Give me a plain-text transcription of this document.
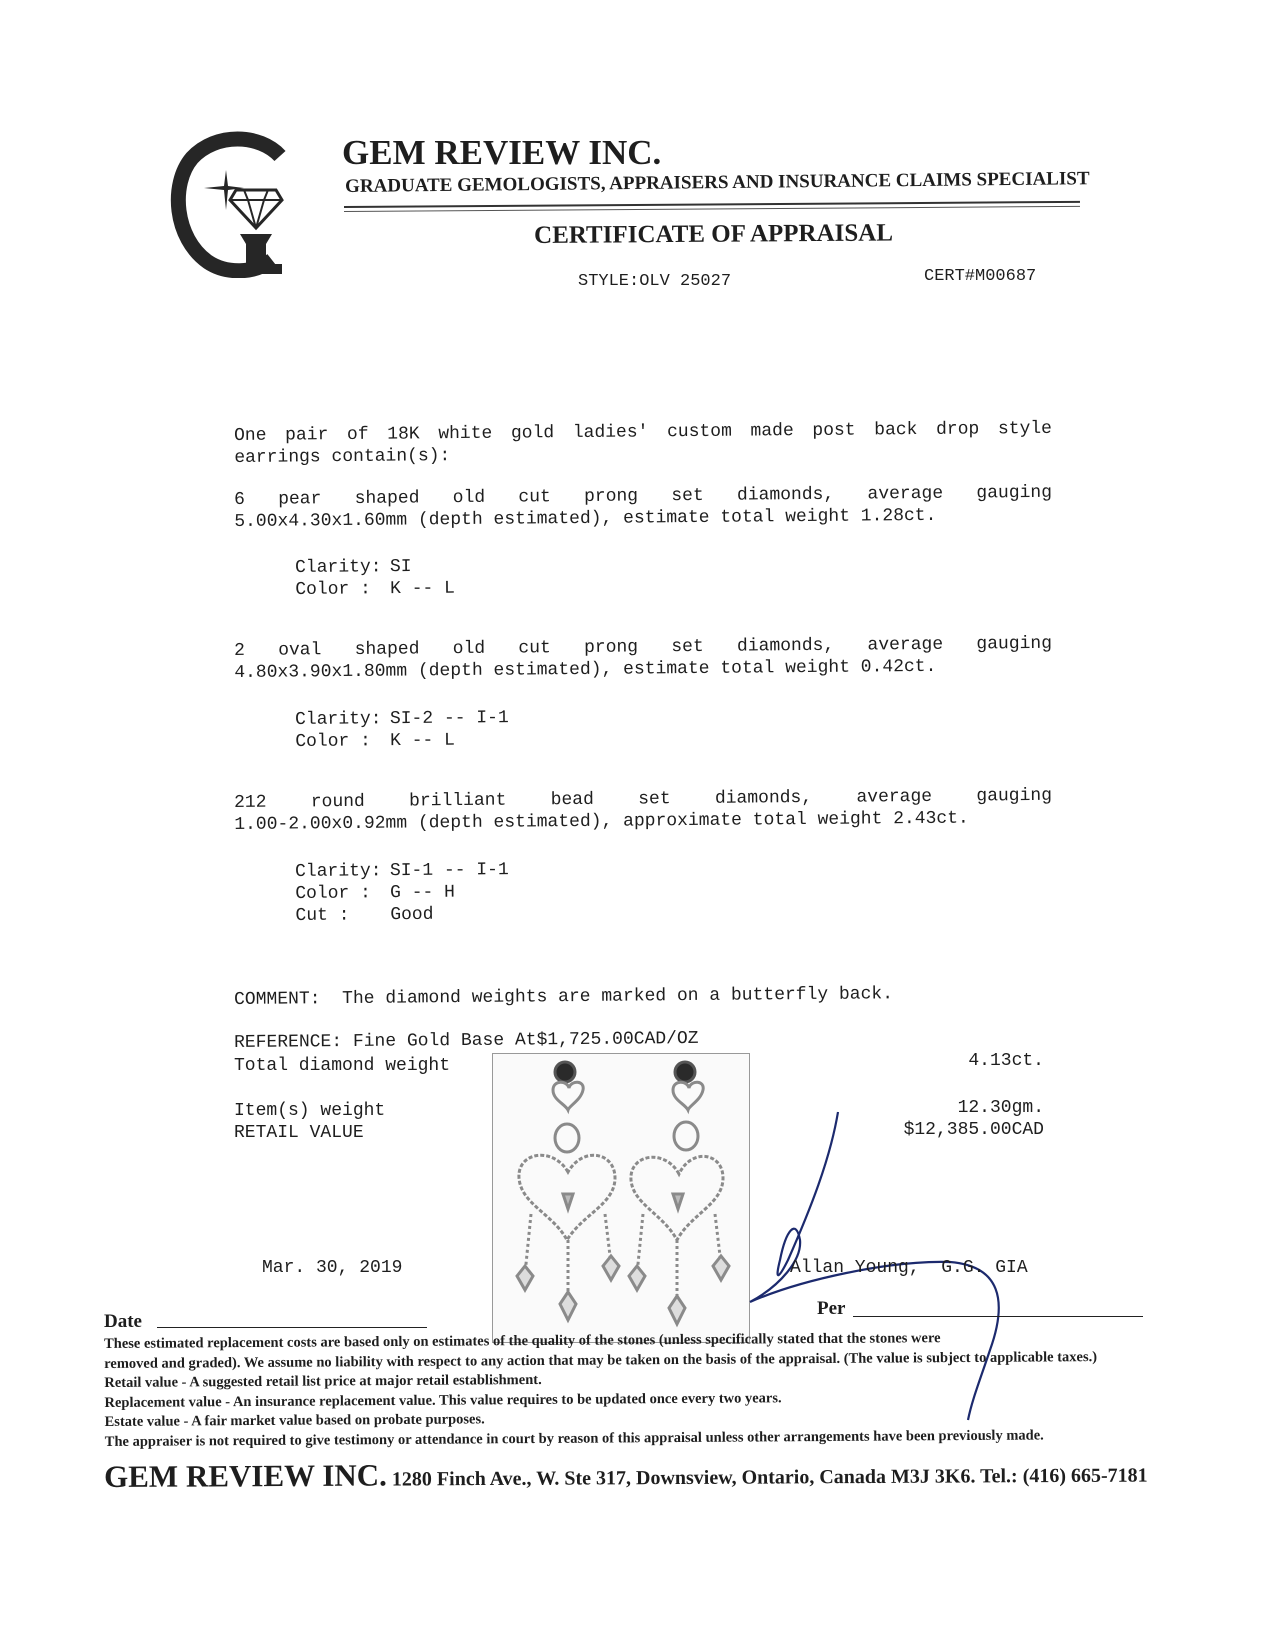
GEM REVIEW INC.
GRADUATE GEMOLOGISTS, APPRAISERS AND INSURANCE CLAIMS SPECIALIST
CERTIFICATE OF APPRAISAL
STYLE:OLV 25027	CERT#M00687
One pair of 18K white gold ladies' custom made post back drop style
earrings contain(s):
6 pear shaped old cut prong set diamonds, average gauging
5.00x4.30x1.60mm (depth estimated), estimate total weight 1.28ct.
Clarity: SI
Color : K -- L
2 oval shaped old cut prong set diamonds, average gauging
4.80x3.90x1.80mm (depth estimated), estimate total weight 0.42ct.
Clarity: SI-2 -- I-1
Color : K -- L
212 round brilliant bead set diamonds, average gauging
1.00-2.00x0.92mm (depth estimated), approximate total weight 2.43ct.
Clarity: SI-1 -- I-1
Color : G -- H
Cut : Good
COMMENT:  The diamond weights are marked on a butterfly back.
REFERENCE: Fine Gold Base At$1,725.00CAD/OZ
Total diamond weight	4.13ct.
Item(s) weight	12.30gm.
RETAIL VALUE	$12,385.00CAD
Mar. 30, 2019	Allan Young,  G.G. GIA
Date
Per
These estimated replacement costs are based only on estimates of the quality of the stones (unless specifically stated that the stones were
removed and graded). We assume no liability with respect to any action that may be taken on the basis of the appraisal. (The value is subject to applicable taxes.)
Retail value - A suggested retail list price at major retail establishment.
Replacement value - An insurance replacement value. This value requires to be updated once every two years.
Estate value - A fair market value based on probate purposes.
The appraiser is not required to give testimony or attendance in court by reason of this appraisal unless other arrangements have been previously made.
GEM REVIEW INC. 1280 Finch Ave., W. Ste 317, Downsview, Ontario, Canada M3J 3K6. Tel.: (416) 665-7181
